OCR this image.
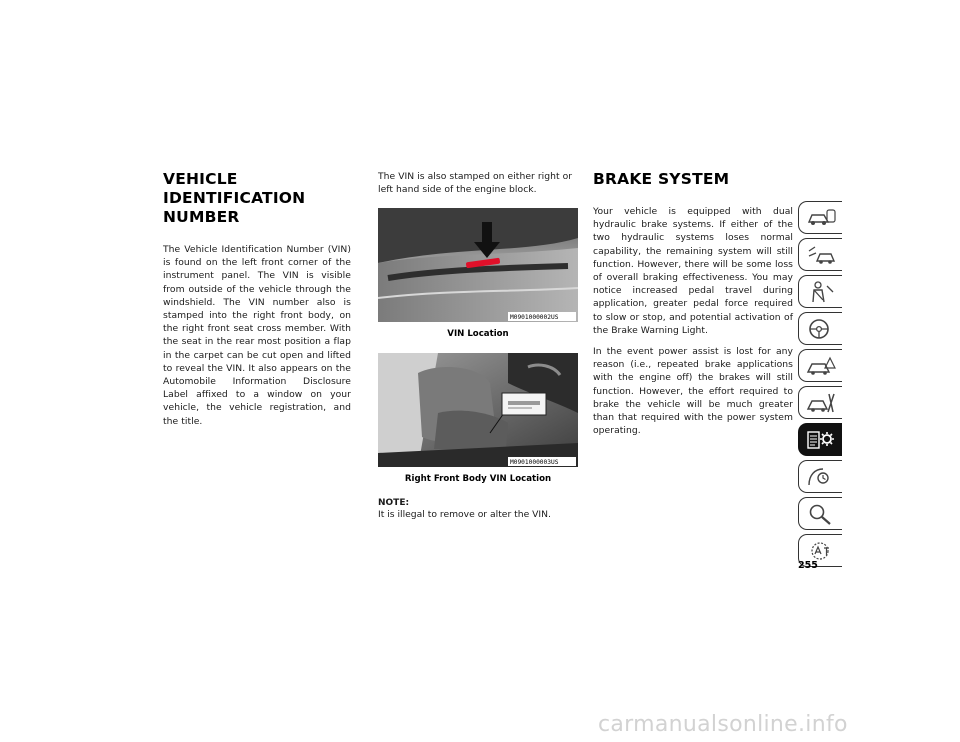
VEHICLE IDENTIFICATION NUMBER

The Vehicle Identification Number (VIN) is found on the left front corner of the instrument panel. The VIN is visible from outside of the vehicle through the windshield. The VIN number also is stamped into the right front body, on the right front seat cross member. With the seat in the rear most position a flap in the carpet can be cut open and lifted to reveal the VIN. It also appears on the Automobile Information Disclosure Label affixed to a window on your vehicle, the vehicle registration, and the title.

The VIN is also stamped on either right or left hand side of the engine block.

M0901000002US
VIN Location
M0901000003US
Right Front Body VIN Location
NOTE:
It is illegal to remove or alter the VIN.
BRAKE SYSTEM

Your vehicle is equipped with dual hydraulic brake systems. If either of the two hydraulic systems loses normal capability, the remaining system will still function. However, there will be some loss of overall braking effectiveness. You may notice increased pedal travel during application, greater pedal force required to slow or stop, and potential activation of the Brake Warning Light.

In the event power assist is lost for any reason (i.e., repeated brake applications with the engine off) the brakes will still function. However, the effort required to brake the vehicle will be much greater than that required with the power system operating.

255
carmanualsonline.info
